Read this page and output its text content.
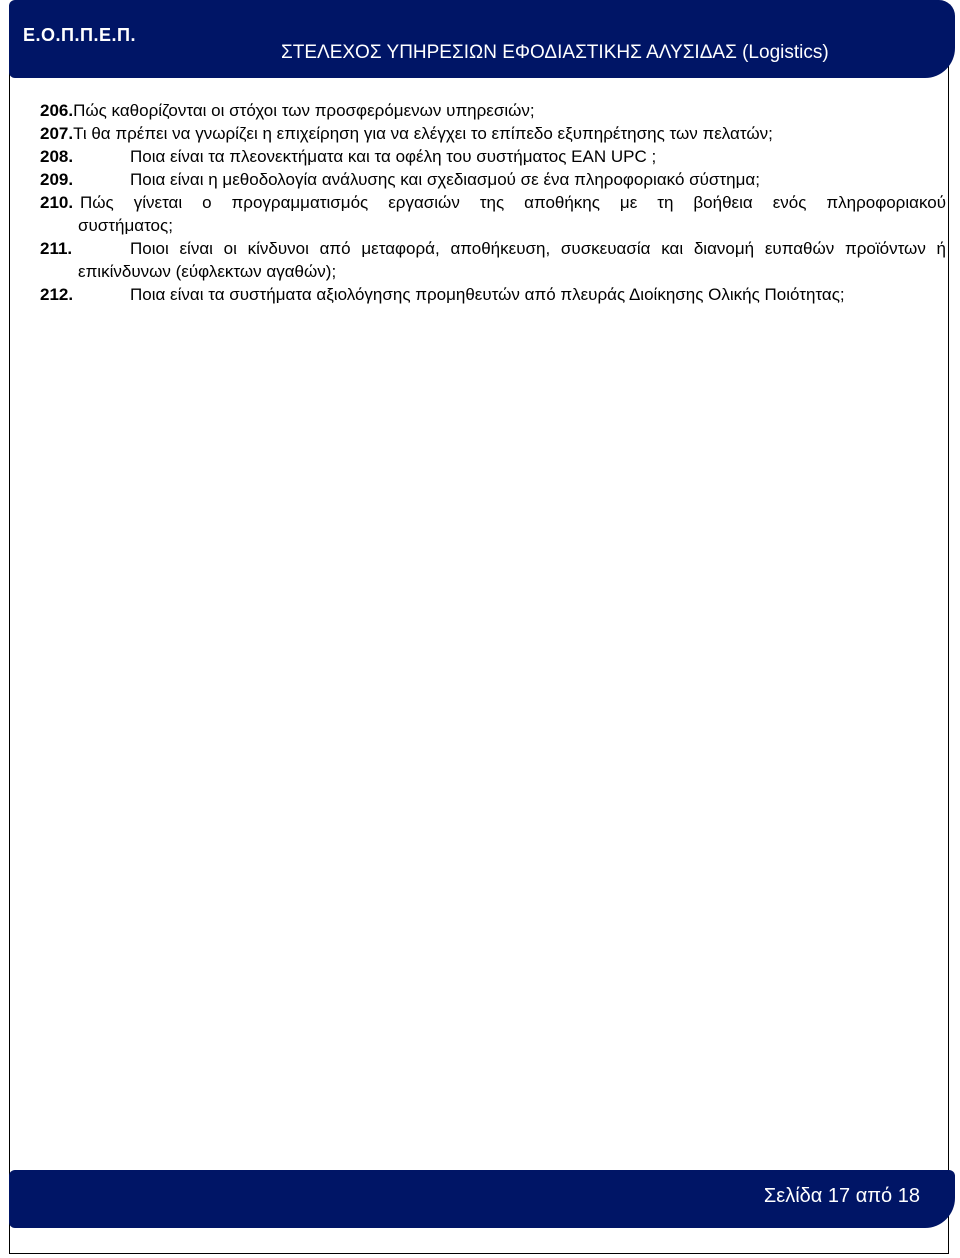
Ε.Ο.Π.Π.Ε.Π.
ΣΤΕΛΕΧΟΣ ΥΠΗΡΕΣΙΩΝ ΕΦΟΔΙΑΣΤΙΚΗΣ ΑΛΥΣΙΔΑΣ (Logistics)
206. Πώς καθορίζονται οι στόχοι των προσφερόμενων υπηρεσιών;
207. Τι θα πρέπει να γνωρίζει η επιχείρηση για να ελέγχει το επίπεδο εξυπηρέτησης των πελατών;
208.	Ποια είναι τα πλεονεκτήματα και τα οφέλη του συστήματος EAN UPC ;
209.	Ποια είναι η μεθοδολογία ανάλυσης και σχεδιασμού σε ένα πληροφοριακό σύστημα;
210. Πώς γίνεται ο προγραμματισμός εργασιών της αποθήκης με τη βοήθεια ενός πληροφοριακού
συστήματος;
211.	Ποιοι είναι οι κίνδυνοι από μεταφορά, αποθήκευση, συσκευασία και διανομή ευπαθών προϊόντων ή
επικίνδυνων (εύφλεκτων αγαθών);
212.	Ποια είναι τα συστήματα αξιολόγησης προμηθευτών από πλευράς Διοίκησης Ολικής Ποιότητας;
Σελίδα 17 από 18
